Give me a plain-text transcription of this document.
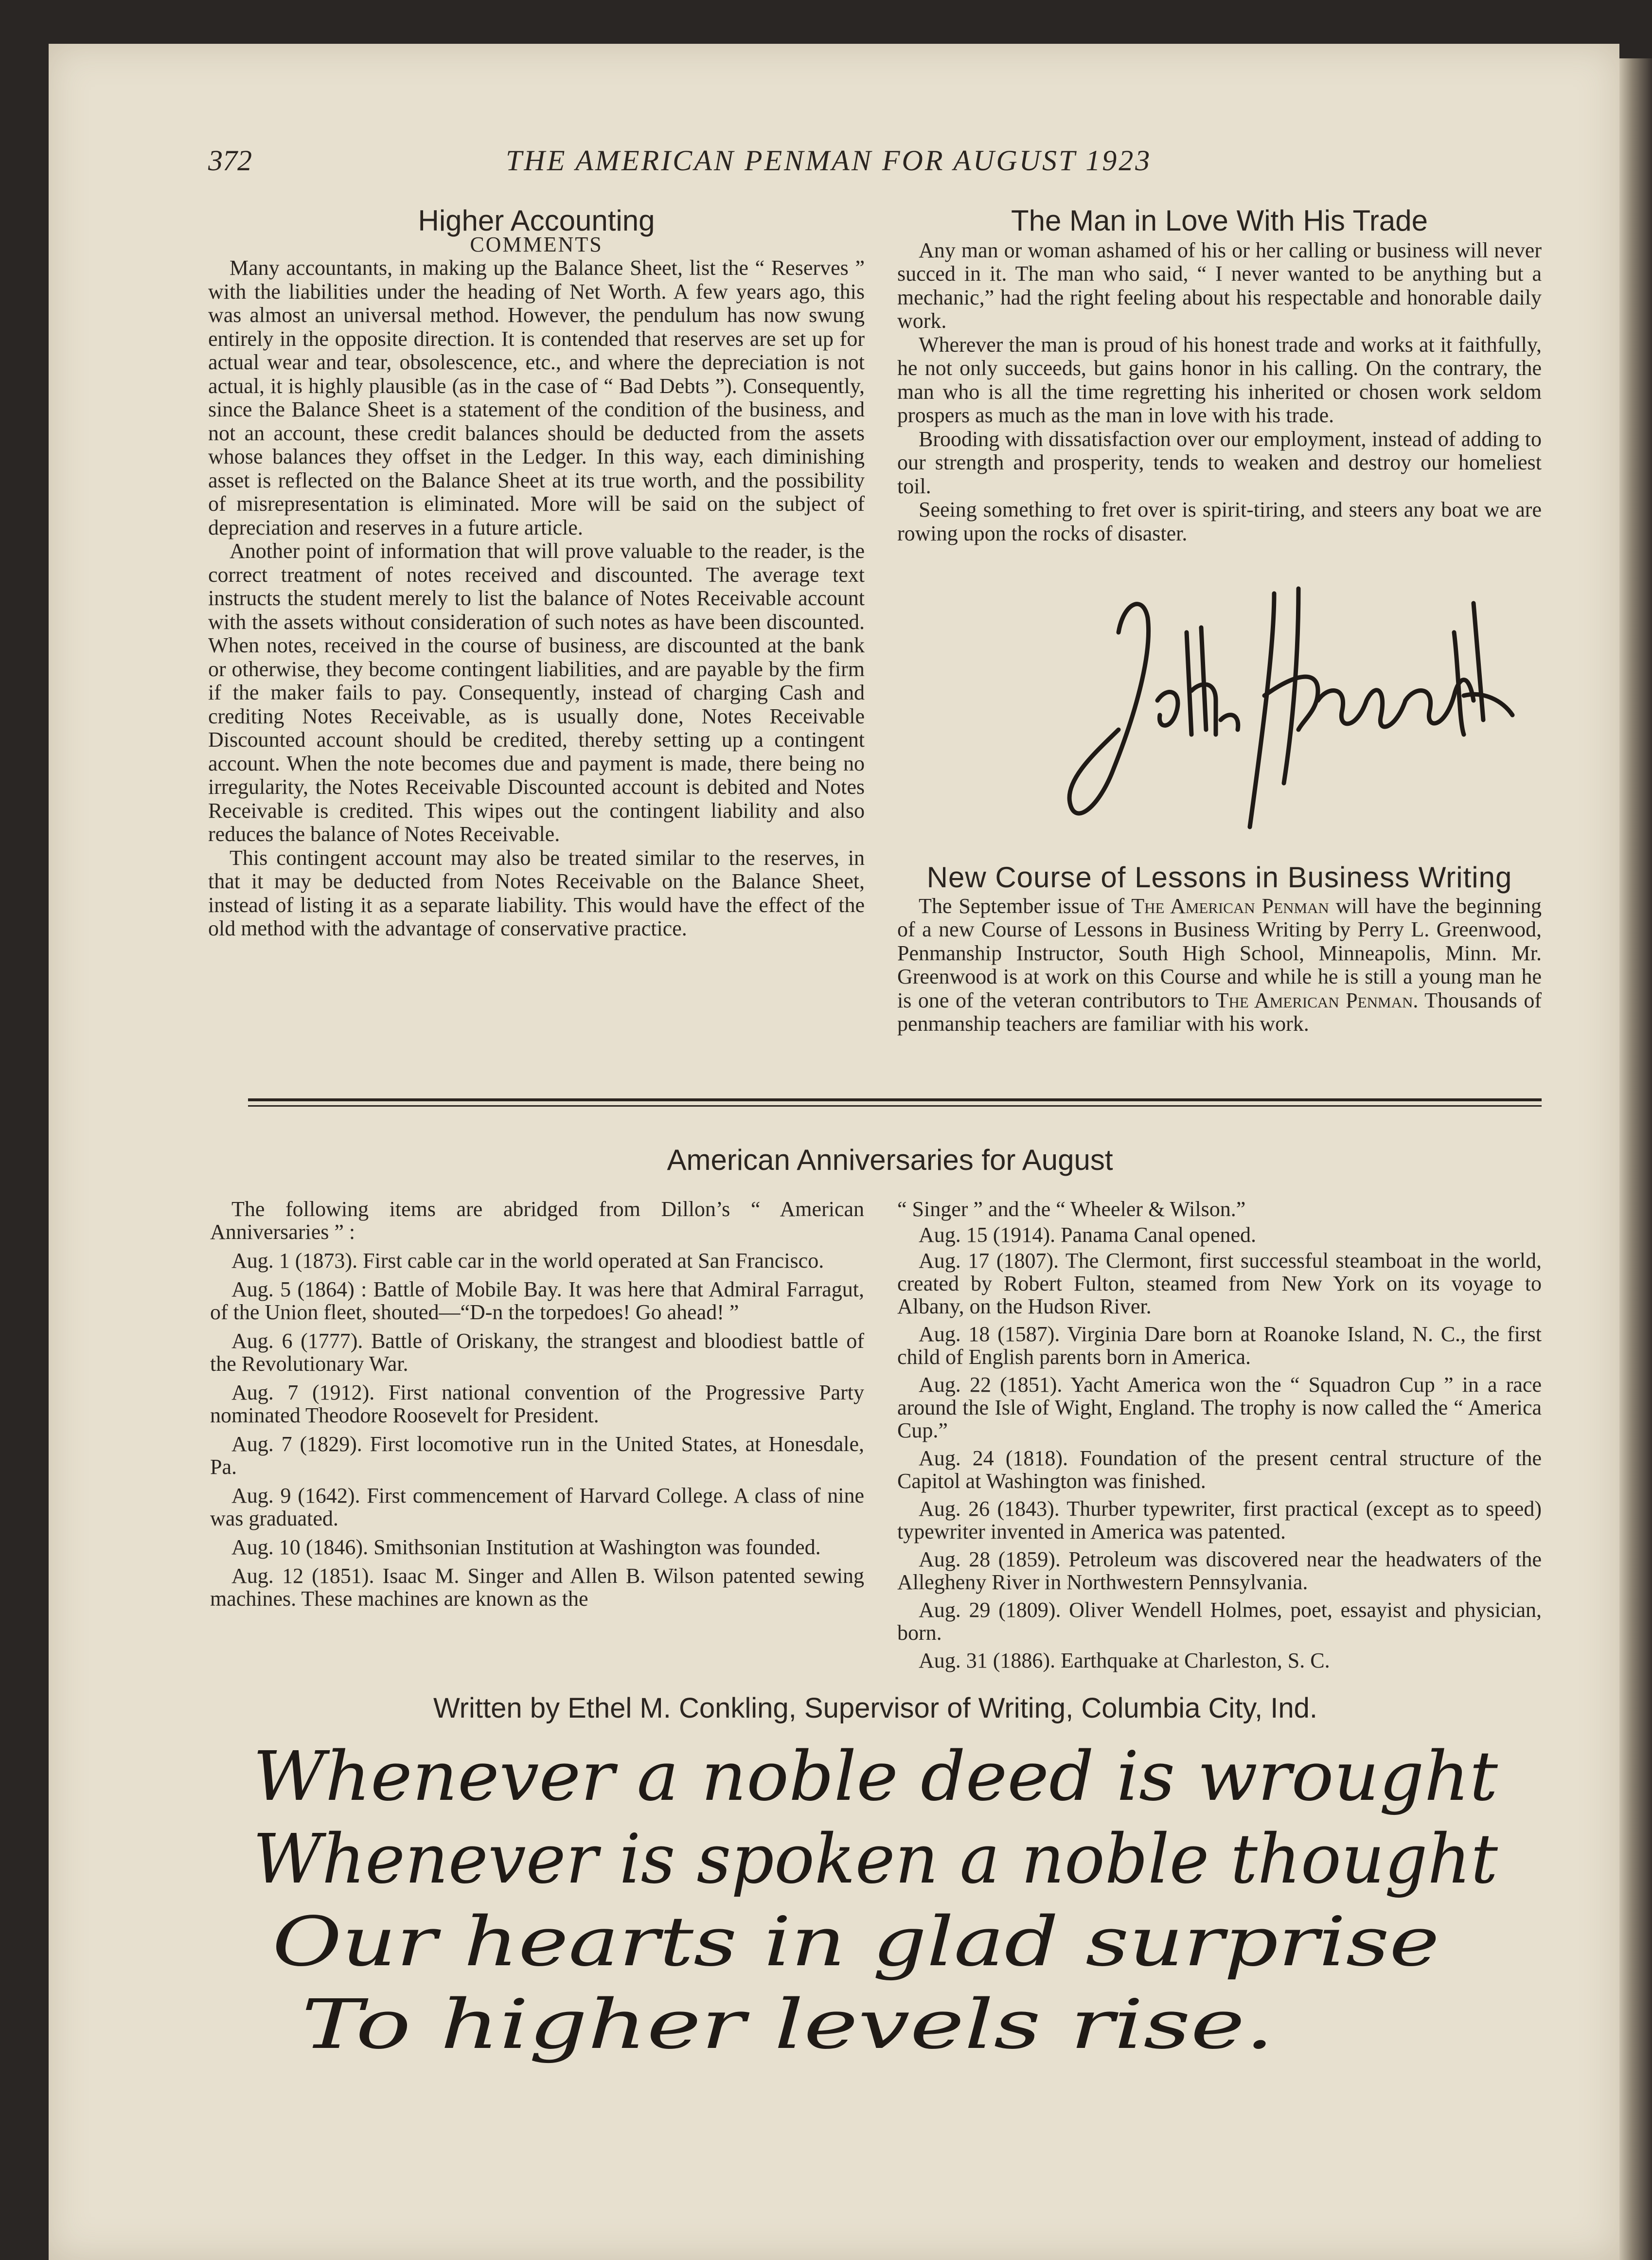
372	THE AMERICAN PENMAN FOR AUGUST 1923
Higher Accounting
COMMENTS

Many accountants, in making up the Balance Sheet, list the “ Reserves ” with the liabilities under the heading of Net Worth. A few years ago, this was almost an universal method. However, the pendulum has now swung entirely in the opposite direction. It is contended that reserves are set up for actual wear and tear, obsolescence, etc., and where the depreciation is not actual, it is highly plausible (as in the case of “ Bad Debts ”). Consequently, since the Balance Sheet is a statement of the condition of the business, and not an account, these credit balances should be deducted from the assets whose balances they offset in the Ledger. In this way, each diminishing asset is reflected on the Balance Sheet at its true worth, and the possibility of misrepresentation is eliminated. More will be said on the subject of depreciation and reserves in a future article.

Another point of information that will prove valuable to the reader, is the correct treatment of notes received and discounted. The average text instructs the student merely to list the balance of Notes Receivable account with the assets without consideration of such notes as have been discounted. When notes, received in the course of business, are discounted at the bank or otherwise, they become contingent liabilities, and are payable by the firm if the maker fails to pay. Consequently, instead of charging Cash and crediting Notes Receivable, as is usually done, Notes Receivable Discounted account should be credited, thereby setting up a contingent account. When the note becomes due and payment is made, there being no irregularity, the Notes Receivable Discounted account is debited and Notes Receivable is credited. This wipes out the contingent liability and also reduces the balance of Notes Receivable.

This contingent account may also be treated similar to the reserves, in that it may be deducted from Notes Receivable on the Balance Sheet, instead of listing it as a separate liability. This would have the effect of the old method with the advantage of conservative practice.

The Man in Love With His Trade

Any man or woman ashamed of his or her calling or business will never succed in it. The man who said, “ I never wanted to be anything but a mechanic,” had the right feeling about his respectable and honorable daily work.

Wherever the man is proud of his honest trade and works at it faithfully, he not only succeeds, but gains honor in his calling. On the contrary, the man who is all the time regretting his inherited or chosen work seldom prospers as much as the man in love with his trade.

Brooding with dissatisfaction over our employment, instead of adding to our strength and prosperity, tends to weaken and destroy our homeliest toil.

Seeing something to fret over is spirit-tiring, and steers any boat we are rowing upon the rocks of disaster.

New Course of Lessons in Business Writing

The September issue of The American Penman will have the beginning of a new Course of Lessons in Business Writing by Perry L. Greenwood, Penmanship Instructor, South High School, Minneapolis, Minn. Mr. Greenwood is at work on this Course and while he is still a young man he is one of the veteran contributors to The American Penman. Thousands of penmanship teachers are familiar with his work.

American Anniversaries for August

The following items are abridged from Dillon’s “ American Anniversaries ” :

Aug. 1 (1873). First cable car in the world operated at San Francisco.

Aug. 5 (1864) : Battle of Mobile Bay. It was here that Admiral Farragut, of the Union fleet, shouted—“D-n the torpedoes! Go ahead! ”

Aug. 6 (1777). Battle of Oriskany, the strangest and bloodiest battle of the Revolutionary War.

Aug. 7 (1912). First national convention of the Progressive Party nominated Theodore Roosevelt for President.

Aug. 7 (1829). First locomotive run in the United States, at Honesdale, Pa.

Aug. 9 (1642). First commencement of Harvard College. A class of nine was graduated.

Aug. 10 (1846). Smithsonian Institution at Washington was founded.

Aug. 12 (1851). Isaac M. Singer and Allen B. Wilson patented sewing machines. These machines are known as the

“ Singer ” and the “ Wheeler & Wilson.”

Aug. 15 (1914). Panama Canal opened.

Aug. 17 (1807). The Clermont, first successful steamboat in the world, created by Robert Fulton, steamed from New York on its voyage to Albany, on the Hudson River.

Aug. 18 (1587). Virginia Dare born at Roanoke Island, N. C., the first child of English parents born in America.

Aug. 22 (1851). Yacht America won the “ Squadron Cup ” in a race around the Isle of Wight, England. The trophy is now called the “ America Cup.”

Aug. 24 (1818). Foundation of the present central structure of the Capitol at Washington was finished.

Aug. 26 (1843). Thurber typewriter, first practical (except as to speed) typewriter invented in America was patented.

Aug. 28 (1859). Petroleum was discovered near the headwaters of the Allegheny River in Northwestern Pennsylvania.

Aug. 29 (1809). Oliver Wendell Holmes, poet, essayist and physician, born.

Aug. 31 (1886). Earthquake at Charleston, S. C.

Written by Ethel M. Conkling, Supervisor of Writing, Columbia City, Ind.
Whenever a noble deed is wrought
Whenever is spoken a noble thought
Our hearts in glad surprise
To higher levels rise.
